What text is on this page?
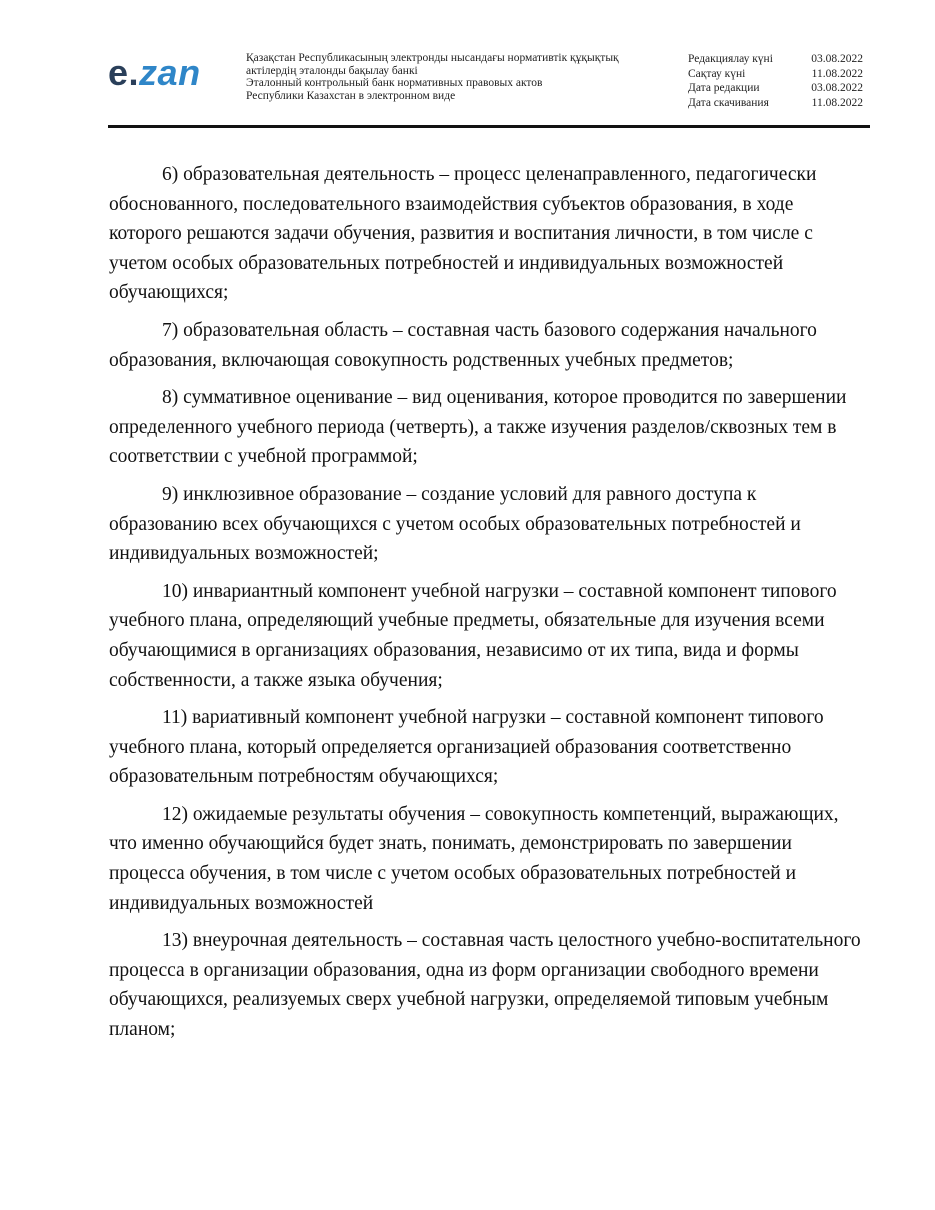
e.zan	Қазақстан Республикасының электронды нысандағы нормативтік құқықтық
актілердің эталонды бақылау банкі
Эталонный контрольный банк нормативных правовых актов
Республики Казахстан в электронном виде
Редакциялау күні	03.08.2022
Сақтау күні	11.08.2022
Дата редакции	03.08.2022
Дата скачивания	11.08.2022

6) образовательная деятельность – процесс целенаправленного, педагогически обоснованного, последовательного взаимодействия субъектов образования, в ходе которого решаются задачи обучения, развития и воспитания личности, в том числе с учетом особых образовательных потребностей и индивидуальных возможностей обучающихся;

7) образовательная область – составная часть базового содержания начального образования, включающая совокупность родственных учебных предметов;

8) суммативное оценивание – вид оценивания, которое проводится по завершении определенного учебного периода (четверть), а также изучения разделов/сквозных тем в соответствии с учебной программой;

9) инклюзивное образование – создание условий для равного доступа к образованию всех обучающихся с учетом особых образовательных потребностей и индивидуальных возможностей;

10) инвариантный компонент учебной нагрузки – составной компонент типового учебного плана, определяющий учебные предметы, обязательные для изучения всеми обучающимися в организациях образования, независимо от их типа, вида и формы собственности, а также языка обучения;

11) вариативный компонент учебной нагрузки – составной компонент типового учебного плана, который определяется организацией образования соответственно образовательным потребностям обучающихся;

12) ожидаемые результаты обучения – совокупность компетенций, выражающих, что именно обучающийся будет знать, понимать, демонстрировать по завершении процесса обучения, в том числе с учетом особых образовательных потребностей и индивидуальных возможностей

13) внеурочная деятельность – составная часть целостного учебно-воспитательного процесса в организации образования, одна из форм организации свободного времени обучающихся, реализуемых сверх учебной нагрузки, определяемой типовым учебным планом;
